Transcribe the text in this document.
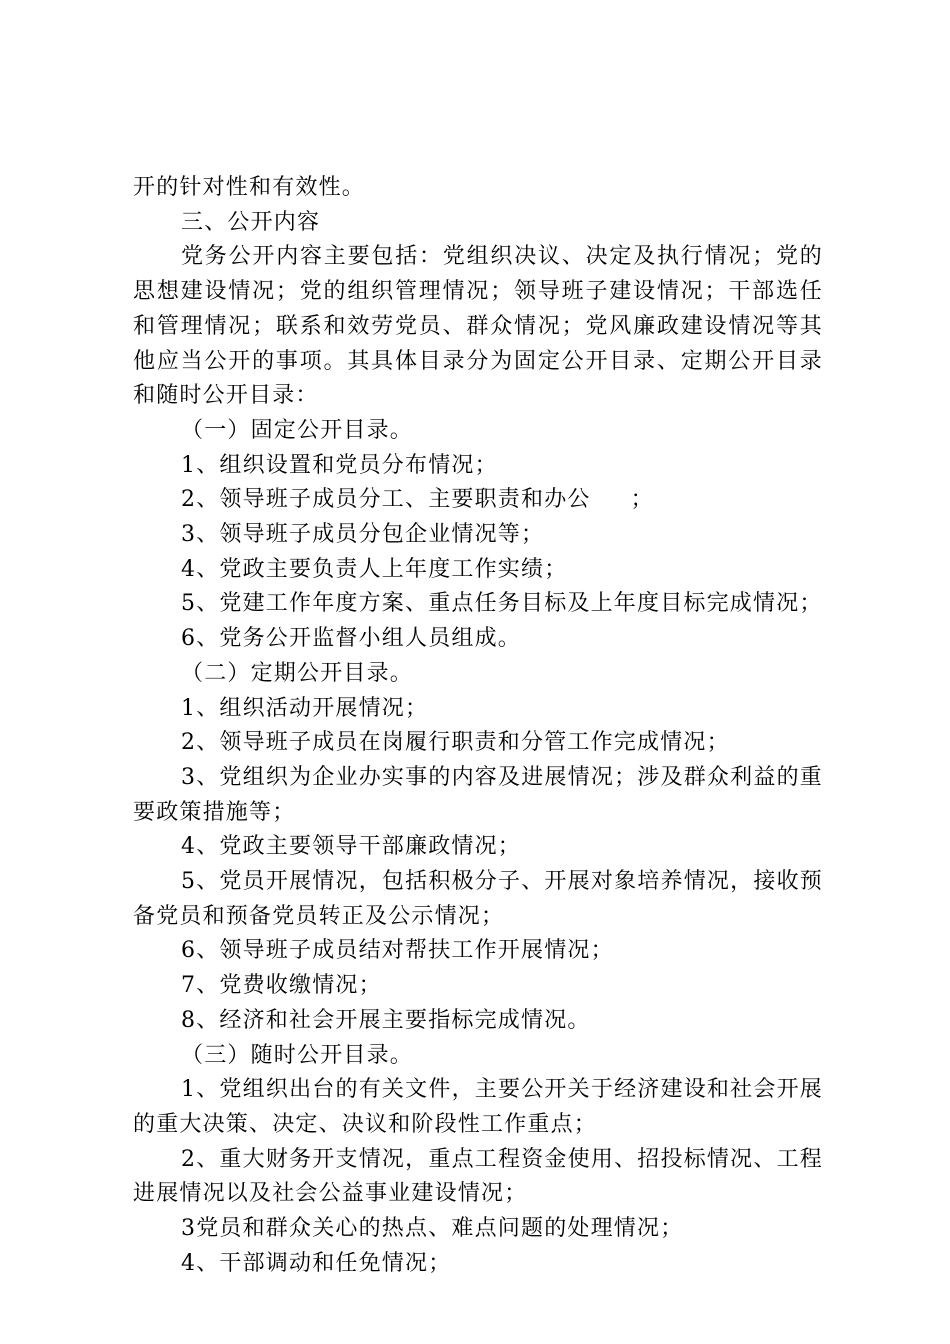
开的针对性和有效性。

三、公开内容

党务公开内容主要包括：党组织决议、决定及执行情况；党的思想建设情况；党的组织管理情况；领导班子建设情况；干部选任和管理情况；联系和效劳党员、群众情况；党风廉政建设情况等其他应当公开的事项。其具体目录分为固定公开目录、定期公开目录和随时公开目录：

（一）固定公开目录。

1、组织设置和党员分布情况；

2、领导班子成员分工、主要职责和办公 ；

3、领导班子成员分包企业情况等；

4、党政主要负责人上年度工作实绩；

5、党建工作年度方案、重点任务目标及上年度目标完成情况；

6、党务公开监督小组人员组成。

（二）定期公开目录。

1、组织活动开展情况；

2、领导班子成员在岗履行职责和分管工作完成情况；

3、党组织为企业办实事的内容及进展情况；涉及群众利益的重要政策措施等；

4、党政主要领导干部廉政情况；

5、党员开展情况，包括积极分子、开展对象培养情况，接收预备党员和预备党员转正及公示情况；

6、领导班子成员结对帮扶工作开展情况；

7、党费收缴情况；

8、经济和社会开展主要指标完成情况。

（三）随时公开目录。

1、党组织出台的有关文件，主要公开关于经济建设和社会开展的重大决策、决定、决议和阶段性工作重点；

2、重大财务开支情况，重点工程资金使用、招投标情况、工程进展情况以及社会公益事业建设情况；

3党员和群众关心的热点、难点问题的处理情况；

4、干部调动和任免情况；
